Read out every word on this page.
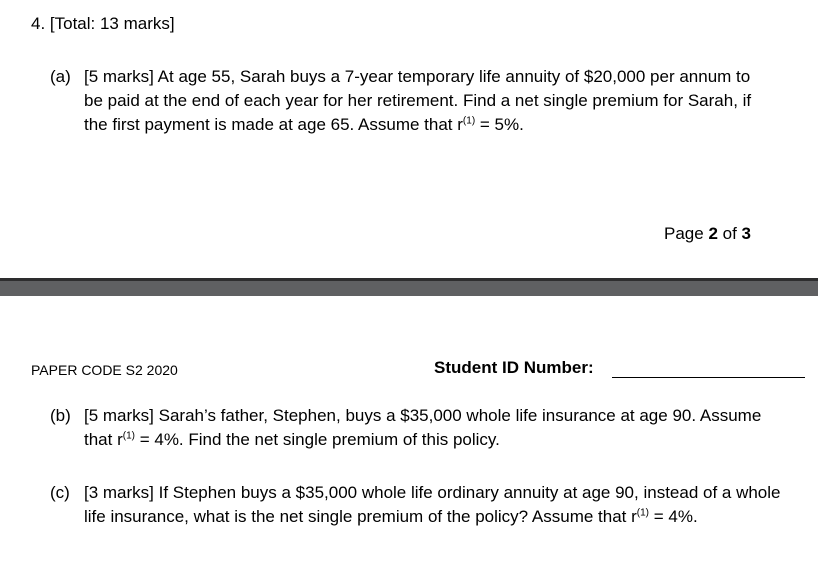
4. [Total: 13 marks]
(a) [5 marks] At age 55, Sarah buys a 7-year temporary life annuity of $20,000 per annum to be paid at the end of each year for her retirement. Find a net single premium for Sarah, if the first payment is made at age 65. Assume that $r^{(1)} = 5\%$.
Page 2 of 3
PAPER CODE S2 2020	Student ID Number:
(b) [5 marks] Sarah’s father, Stephen, buys a $35,000 whole life insurance at age 90. Assume that $r^{(1)} = 4\%$. Find the net single premium of this policy.
(c) [3 marks] If Stephen buys a $35,000 whole life ordinary annuity at age 90, instead of a whole life insurance, what is the net single premium of the policy? Assume that $r^{(1)} = 4\%$.
